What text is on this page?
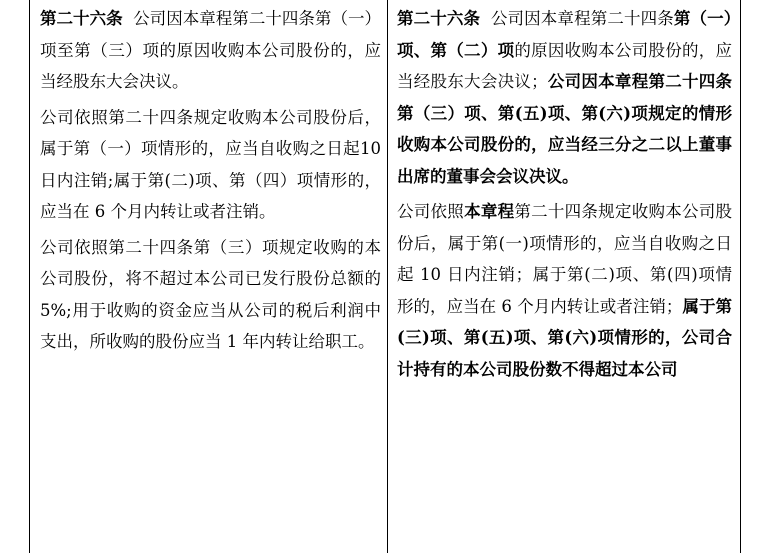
第二十六条  公司因本章程第二十四条第（一）项至第（三）项的原因收购本公司股份的，应当经股东大会决议。

公司依照第二十四条规定收购本公司股份后，属于第（一）项情形的，应当自收购之日起10日内注销;属于第(二)项、第（四）项情形的，应当在 6 个月内转让或者注销。

公司依照第二十四条第（三）项规定收购的本公司股份，将不超过本公司已发行股份总额的 5%;用于收购的资金应当从公司的税后利润中支出，所收购的股份应当 1 年内转让给职工。

第二十六条  公司因本章程第二十四条第（一）项、第（二）项的原因收购本公司股份的，应当经股东大会决议；公司因本章程第二十四条第（三）项、第(五)项、第(六)项规定的情形收购本公司股份的，应当经三分之二以上董事出席的董事会会议决议。

公司依照本章程第二十四条规定收购本公司股份后，属于第(一)项情形的，应当自收购之日起 10 日内注销；属于第(二)项、第(四)项情形的，应当在 6 个月内转让或者注销；属于第(三)项、第(五)项、第(六)项情形的，公司合计持有的本公司股份数不得超过本公司
